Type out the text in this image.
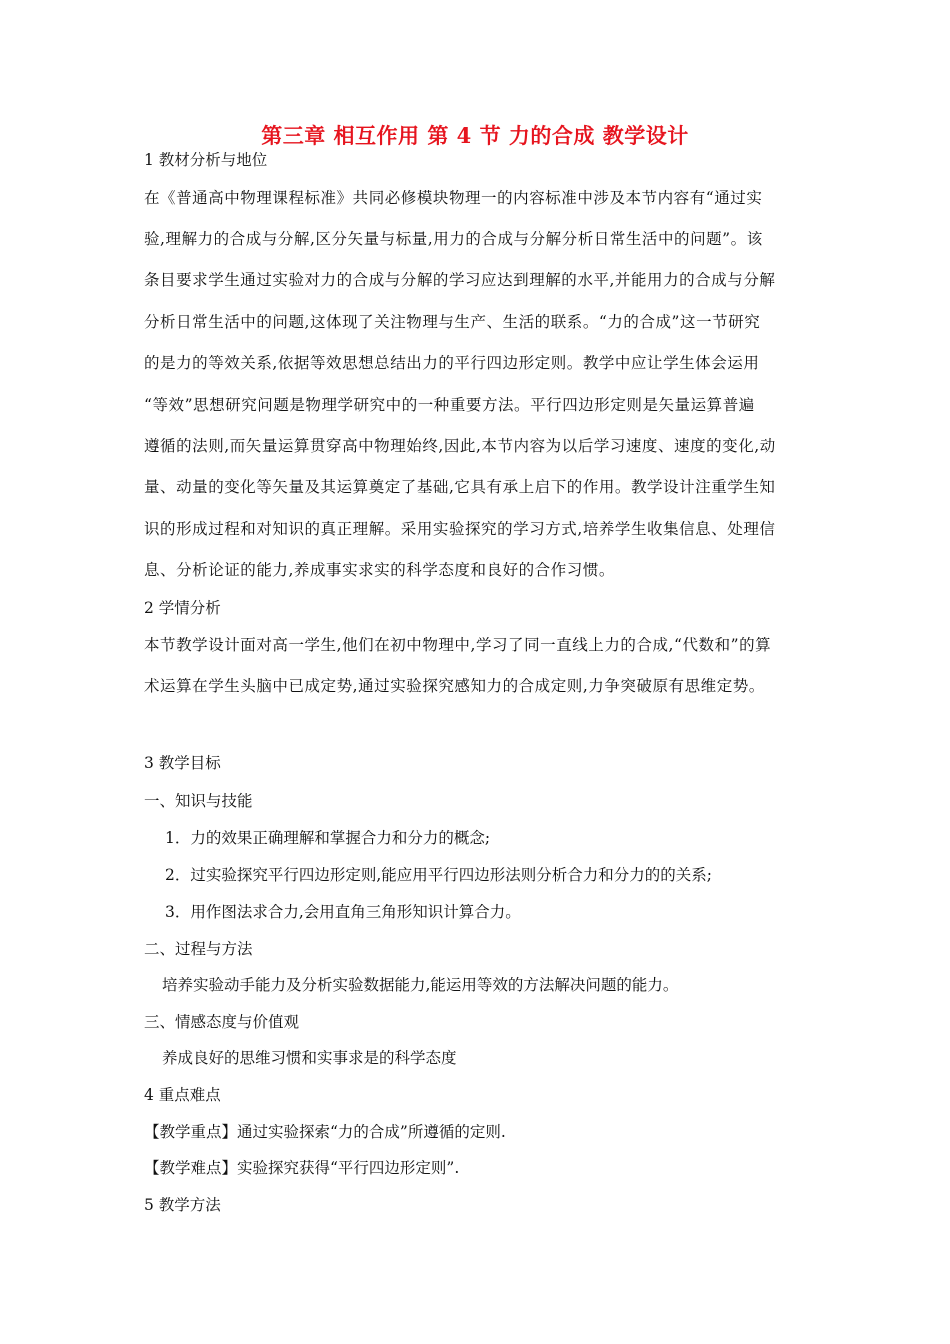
第三章 相互作用 第 4 节 力的合成 教学设计
1 教材分析与地位
在《普通高中物理课程标准》共同必修模块物理一的内容标准中涉及本节内容有“通过实
验,理解力的合成与分解,区分矢量与标量,用力的合成与分解分析日常生活中的问题”。该
条目要求学生通过实验对力的合成与分解的学习应达到理解的水平,并能用力的合成与分解
分析日常生活中的问题,这体现了关注物理与生产、生活的联系。“力的合成”这一节研究
的是力的等效关系,依据等效思想总结出力的平行四边形定则。教学中应让学生体会运用
“等效”思想研究问题是物理学研究中的一种重要方法。平行四边形定则是矢量运算普遍
遵循的法则,而矢量运算贯穿高中物理始终,因此,本节内容为以后学习速度、速度的变化,动
量、动量的变化等矢量及其运算奠定了基础,它具有承上启下的作用。教学设计注重学生知
识的形成过程和对知识的真正理解。采用实验探究的学习方式,培养学生收集信息、处理信
息、分析论证的能力,养成事实求实的科学态度和良好的合作习惯。
2 学情分析
本节教学设计面对高一学生,他们在初中物理中,学习了同一直线上力的合成,“代数和”的算
术运算在学生头脑中已成定势,通过实验探究感知力的合成定则,力争突破原有思维定势。
3 教学目标
一、知识与技能
1．力的效果正确理解和掌握合力和分力的概念;
2．过实验探究平行四边形定则,能应用平行四边形法则分析合力和分力的的关系;
3．用作图法求合力,会用直角三角形知识计算合力。
二、过程与方法
培养实验动手能力及分析实验数据能力,能运用等效的方法解决问题的能力。
三、情感态度与价值观
养成良好的思维习惯和实事求是的科学态度
4 重点难点
【教学重点】通过实验探索“力的合成”所遵循的定则.
【教学难点】实验探究获得“平行四边形定则”.
5 教学方法
